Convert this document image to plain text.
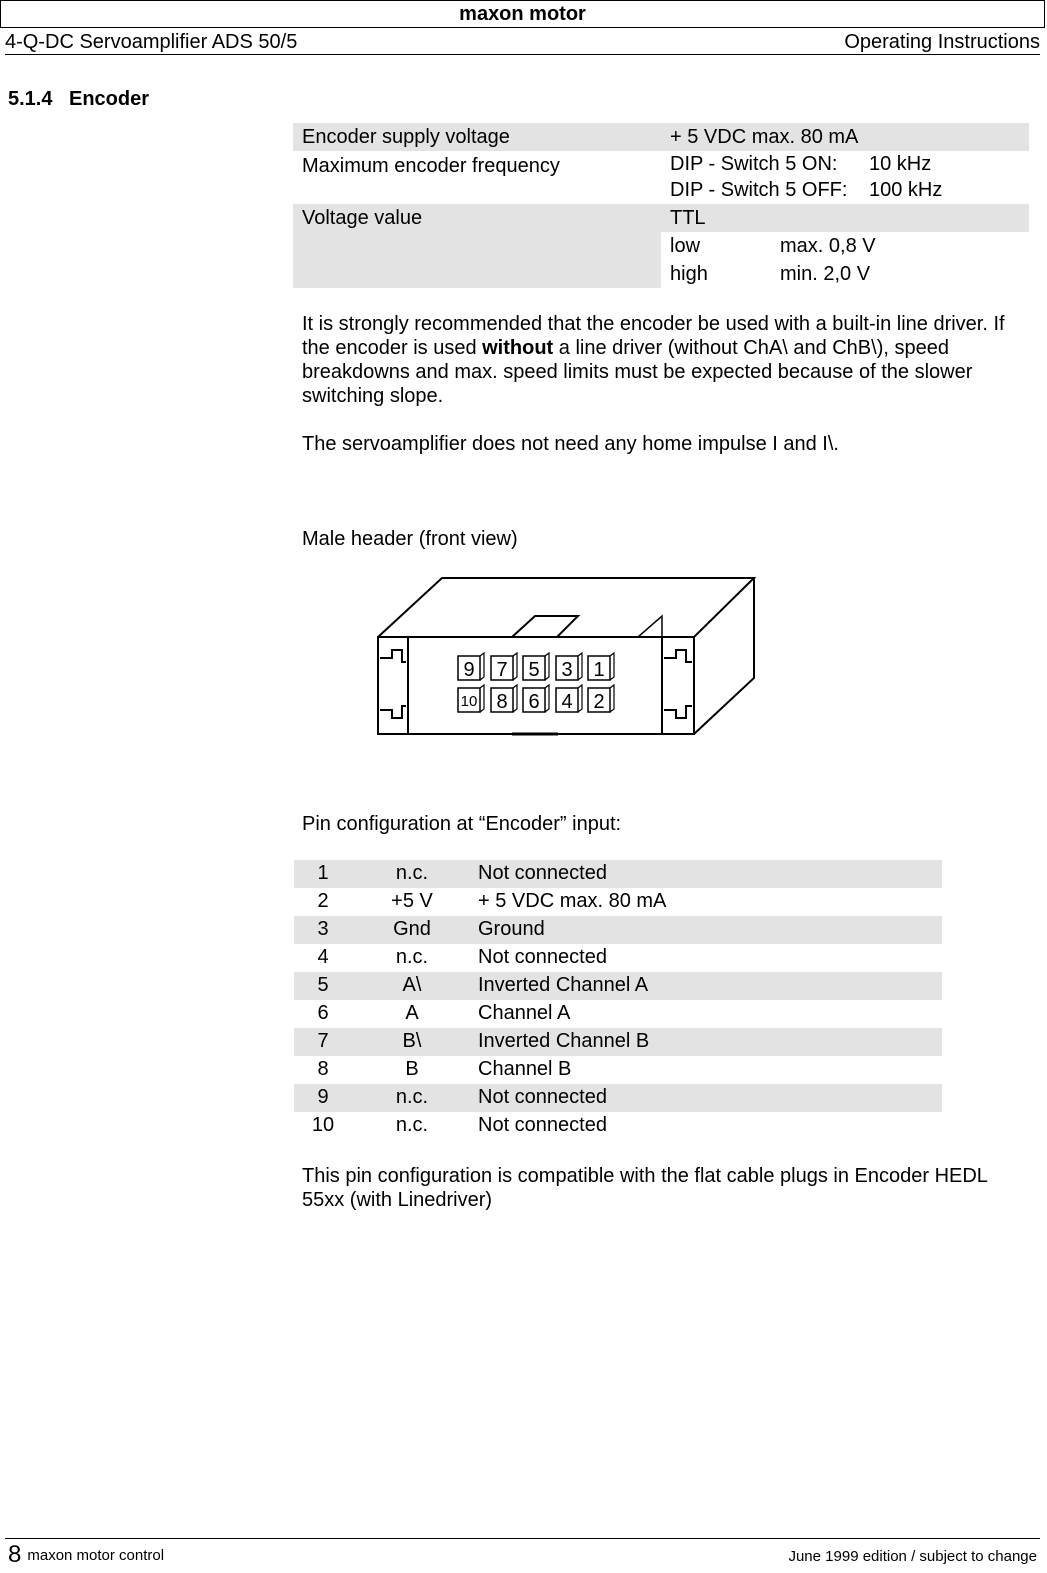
maxon motor
4-Q-DC Servoamplifier ADS 50/5	Operating Instructions
5.1.4 Encoder
Encoder supply voltage	+ 5 VDC max. 80 mA
Maximum encoder frequency	DIP - Switch 5 ON: 10 kHz
DIP - Switch 5 OFF: 100 kHz
Voltage value	TTL
low	max. 0,8 V
high	min. 2,0 V
It is strongly recommended that the encoder be used with a built-in line driver. If the encoder is used without a line driver (without ChA\ and ChB\), speed breakdowns and max. speed limits must be expected because of the slower switching slope.
The servoamplifier does not need any home impulse I and I\.
Male header (front view)
9 7 5 3 1
10 8 6 4 2
Pin configuration at “Encoder” input:
1	n.c.	Not connected
2	+5 V	+ 5 VDC max. 80 mA
3	Gnd	Ground
4	n.c.	Not connected
5	A\	Inverted Channel A
6	A	Channel A
7	B\	Inverted Channel B
8	B	Channel B
9	n.c.	Not connected
10	n.c.	Not connected
This pin configuration is compatible with the flat cable plugs in Encoder HEDL 55xx (with Linedriver)
8 maxon motor control	June 1999 edition / subject to change
